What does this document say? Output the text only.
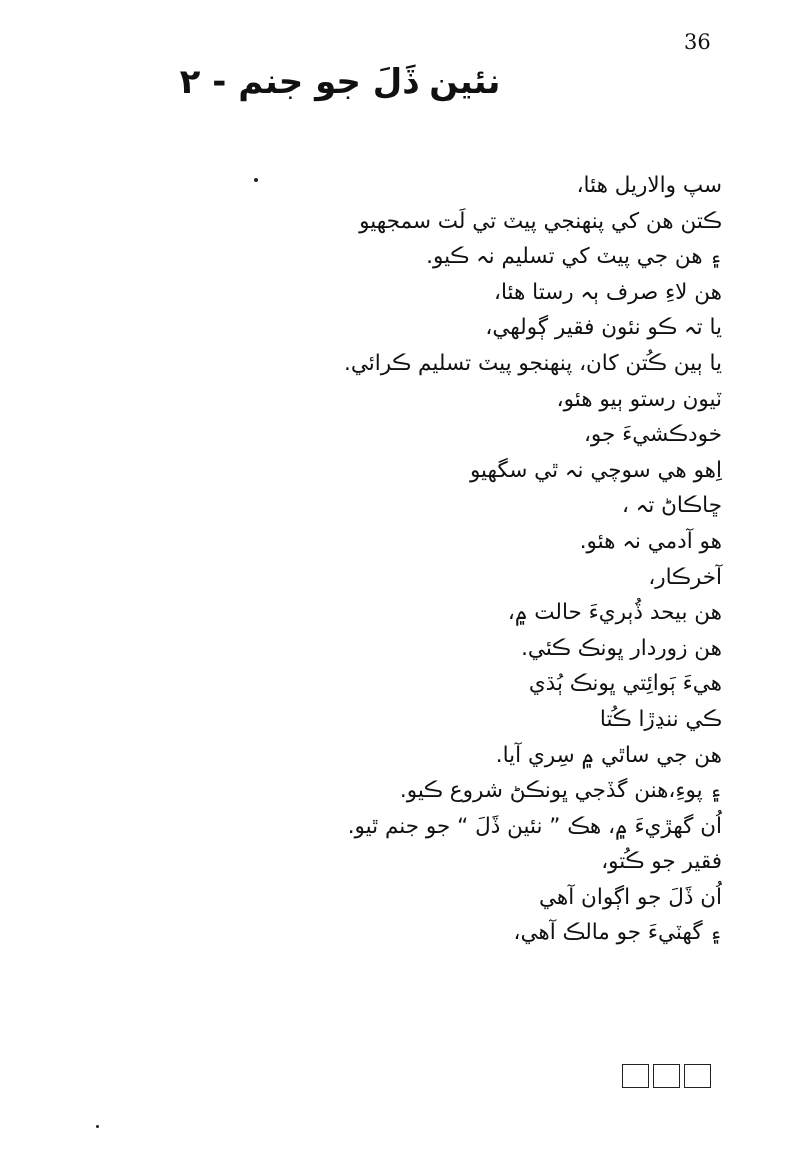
36
نئين ڏَلَ جو جنم - ٢
سپ والاريل هئا،
ڪتن هن کي پنهنجي پيٽ تي لَت سمجهيو
۽ هن جي پيٽ کي تسليم نہ ڪيو.
هن لاءِ صرف ٻہ رستا هئا،
يا تہ ڪو نئون فقير ڳولهي،
يا ٻين ڪُتن کان، پنهنجو پيٽ تسليم ڪرائي.
ٽيون رستو ٻيو هئو،
خودڪشيءَ جو،
اِهو هي سوچي نہ ٿي سگهيو
ڇاڪاڻ تہ ،
هو آدمي نہ هئو.
آخرڪار،
هن بيحد ڏُٻريءَ حالت ۾،
هن زوردار ڀونڪ ڪئي.
هيءَ ٻَوائِتي ڀونڪ ٻُڌي
ڪي ننڍڙا ڪُتا
هن جي ساٿي ۾ سِري آيا.
۽ پوءِ،هنن گڏجي ڀونڪڻ شروع ڪيو.
اُن گهڙيءَ ۾، هڪ ” نئين ڏَلَ “ جو جنم ٿيو.
فقير جو ڪُتو،
اُن ڏَلَ جو اڳوان آهي
۽ گهٽيءَ جو مالڪ آهي،
